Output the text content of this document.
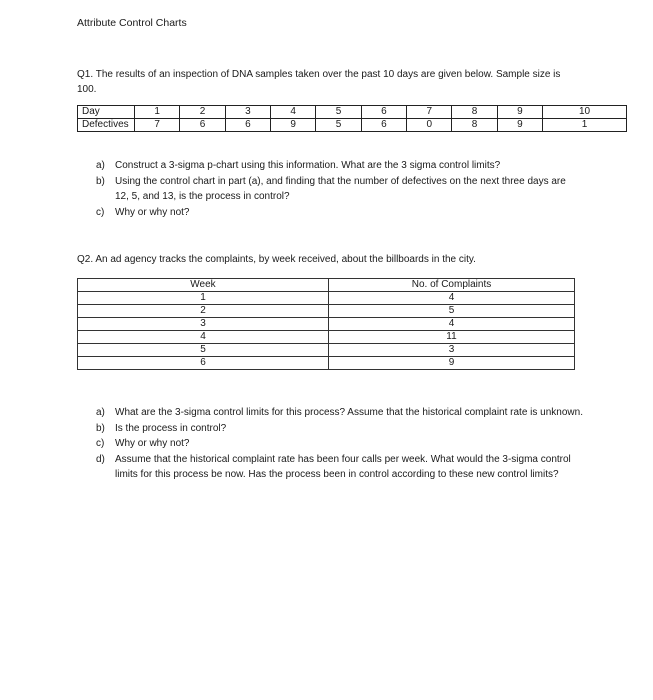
Attribute Control Charts
Q1. The results of an inspection of DNA samples taken over the past 10 days are given below. Sample size is 100.
Day	1	2	3	4	5	6	7	8	9	10
Defectives	7	6	6	9	5	6	0	8	9	1
a) Construct a 3-sigma p-chart using this information. What are the 3 sigma control limits?
b) Using the control chart in part (a), and finding that the number of defectives on the next three days are 12, 5, and 13, is the process in control?
c) Why or why not?
Q2. An ad agency tracks the complaints, by week received, about the billboards in the city.
Week	No. of Complaints
1	4
2	5
3	4
4	11
5	3
6	9
a) What are the 3-sigma control limits for this process? Assume that the historical complaint rate is unknown.
b) Is the process in control?
c) Why or why not?
d) Assume that the historical complaint rate has been four calls per week. What would the 3-sigma control limits for this process be now. Has the process been in control according to these new control limits?
